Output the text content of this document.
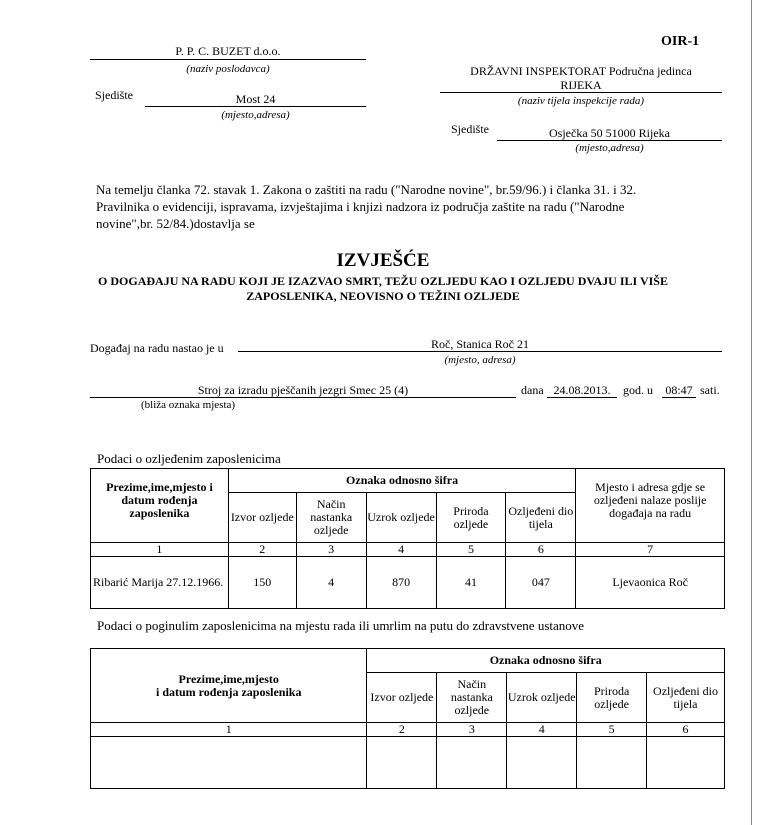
OIR-1
P. P. C. BUZET d.o.o.
(naziv poslodavca)
Sjedište	Most 24
(mjesto,adresa)
DRŽAVNI INSPEKTORAT Područna jedinca
RIJEKA
(naziv tijela inspekcije rada)
Sjedište	Osječka 50 51000 Rijeka
(mjesto,adresa)
Na temelju članka 72. stavak 1. Zakona o zaštiti na radu ("Narodne novine", br.59/96.) i članka 31. i 32.
Pravilnika o evidenciji, ispravama, izvještajima i knjizi nadzora iz područja zaštite na radu ("Narodne
novine",br. 52/84.)dostavlja se
IZVJEŠĆE
O DOGAĐAJU NA RADU KOJI JE IZAZVAO SMRT, TEŽU OZLJEDU KAO I OZLJEDU DVAJU ILI VIŠE
ZAPOSLENIKA, NEOVISNO O TEŽINI OZLJEDE
Događaj na radu nastao je u	Roč, Stanica Roč 21
(mjesto, adresa)
Stroj za izradu pješčanih jezgri Smec 25 (4)
(bliža oznaka mjesta)
dana 24.08.2013.	god. u 08:47 sati.
Podaci o ozljeđenim zaposlenicima
Prezime,ime,mjesto i datum rođenja zaposlenika	Oznaka odnosno šifra					Mjesto i adresa gdje se ozljeđeni nalaze poslije događaja na radu
	Izvor ozljede	Način nastanka ozljede	Uzrok ozljede	Priroda ozljede	Ozljeđeni dio tijela	
1	2	3	4	5	6	7
Ribarić Marija 27.12.1966.	150	4	870	41	047	Ljevaonica Roč
Podaci o poginulim zaposlenicima na mjestu rada ili umrlim na putu do zdravstvene ustanove
Prezime,ime,mjesto
i datum rođenja zaposlenika	Oznaka odnosno šifra				
	Izvor ozljede	Način nastanka ozljede	Uzrok ozljede	Priroda ozljede	Ozljeđeni dio tijela
1	2	3	4	5	6
